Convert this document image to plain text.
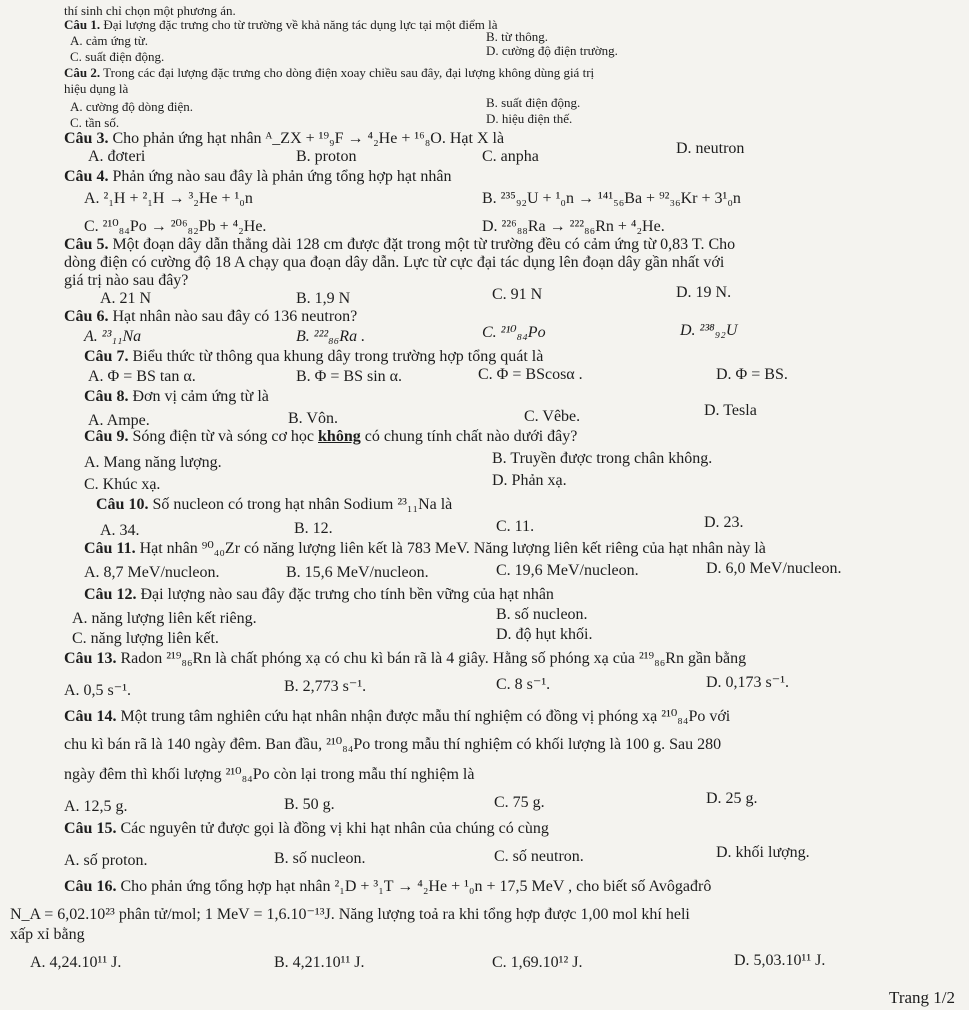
thí sinh chỉ chọn một phương án.
Câu 1. Đại lượng đặc trưng cho từ trường về khả năng tác dụng lực tại một điểm là
A. cảm ứng từ.	B. từ thông.
C. suất điện động.	D. cường độ điện trường.
Câu 2. Trong các đại lượng đặc trưng cho dòng điện xoay chiều sau đây, đại lượng không dùng giá trị
hiệu dụng là
A. cường độ dòng điện.	B. suất điện động.
C. tần số.	D. hiệu điện thế.
Câu 3. Cho phản ứng hạt nhân ᴬ_ZX + ¹⁹₉F → ⁴₂He + ¹⁶₈O. Hạt X là
A. đơteri	B. proton	C. anpha	D. neutron
Câu 4. Phản ứng nào sau đây là phản ứng tổng hợp hạt nhân
A. ²₁H + ²₁H → ³₂He + ¹₀n	B. ²³⁵₉₂U + ¹₀n → ¹⁴¹₅₆Ba + ⁹²₃₆Kr + 3¹₀n
C. ²¹⁰₈₄Po → ²⁰⁶₈₂Pb + ⁴₂He.	D. ²²⁶₈₈Ra → ²²²₈₆Rn + ⁴₂He.
Câu 5. Một đoạn dây dẫn thẳng dài 128 cm được đặt trong một từ trường đều có cảm ứng từ 0,83 T. Cho
dòng điện có cường độ 18 A chạy qua đoạn dây dẫn. Lực từ cực đại tác dụng lên đoạn dây gần nhất với
giá trị nào sau đây?
A. 21 N	B. 1,9 N	C. 91 N	D. 19 N.
Câu 6. Hạt nhân nào sau đây có 136 neutron?
A. ²³₁₁Na	B. ²²²₈₆Ra .	C. ²¹⁰₈₄Po	D. ²³⁸₉₂U
Câu 7. Biểu thức từ thông qua khung dây trong trường hợp tổng quát là
A. Φ = BS tan α.	B. Φ = BS sin α.	C. Φ = BScosα .	D. Φ = BS.
Câu 8. Đơn vị cảm ứng từ là
A. Ampe.	B. Vôn.	C. Vêbe.	D. Tesla
Câu 9. Sóng điện từ và sóng cơ học không có chung tính chất nào dưới đây?
A. Mang năng lượng.	B. Truyền được trong chân không.
C. Khúc xạ.	D. Phản xạ.
Câu 10. Số nucleon có trong hạt nhân Sodium ²³₁₁Na là
A. 34.	B. 12.	C. 11.	D. 23.
Câu 11. Hạt nhân ⁹⁰₄₀Zr có năng lượng liên kết là 783 MeV. Năng lượng liên kết riêng của hạt nhân này là
A. 8,7 MeV/nucleon.	B. 15,6 MeV/nucleon.	C. 19,6 MeV/nucleon.	D. 6,0 MeV/nucleon.
Câu 12. Đại lượng nào sau đây đặc trưng cho tính bền vững của hạt nhân
A. năng lượng liên kết riêng.	B. số nucleon.
C. năng lượng liên kết.	D. độ hụt khối.
Câu 13. Radon ²¹⁹₈₆Rn là chất phóng xạ có chu kì bán rã là 4 giây. Hằng số phóng xạ của ²¹⁹₈₆Rn gần bằng
A. 0,5 s⁻¹.	B. 2,773 s⁻¹.	C. 8 s⁻¹.	D. 0,173 s⁻¹.
Câu 14. Một trung tâm nghiên cứu hạt nhân nhận được mẫu thí nghiệm có đồng vị phóng xạ ²¹⁰₈₄Po với
chu kì bán rã là 140 ngày đêm. Ban đầu, ²¹⁰₈₄Po trong mẫu thí nghiệm có khối lượng là 100 g. Sau 280
ngày đêm thì khối lượng ²¹⁰₈₄Po còn lại trong mẫu thí nghiệm là
A. 12,5 g.	B. 50 g.	C. 75 g.	D. 25 g.
Câu 15. Các nguyên tử được gọi là đồng vị khi hạt nhân của chúng có cùng
A. số proton.	B. số nucleon.	C. số neutron.	D. khối lượng.
Câu 16. Cho phản ứng tổng hợp hạt nhân ²₁D + ³₁T → ⁴₂He + ¹₀n + 17,5 MeV , cho biết số Avôgađrô
N_A = 6,02.10²³ phân tử/mol; 1 MeV = 1,6.10⁻¹³J. Năng lượng toả ra khi tổng hợp được 1,00 mol khí heli
xấp xỉ bằng
A. 4,24.10¹¹ J.	B. 4,21.10¹¹ J.	C. 1,69.10¹² J.	D. 5,03.10¹¹ J.
Trang 1/2
